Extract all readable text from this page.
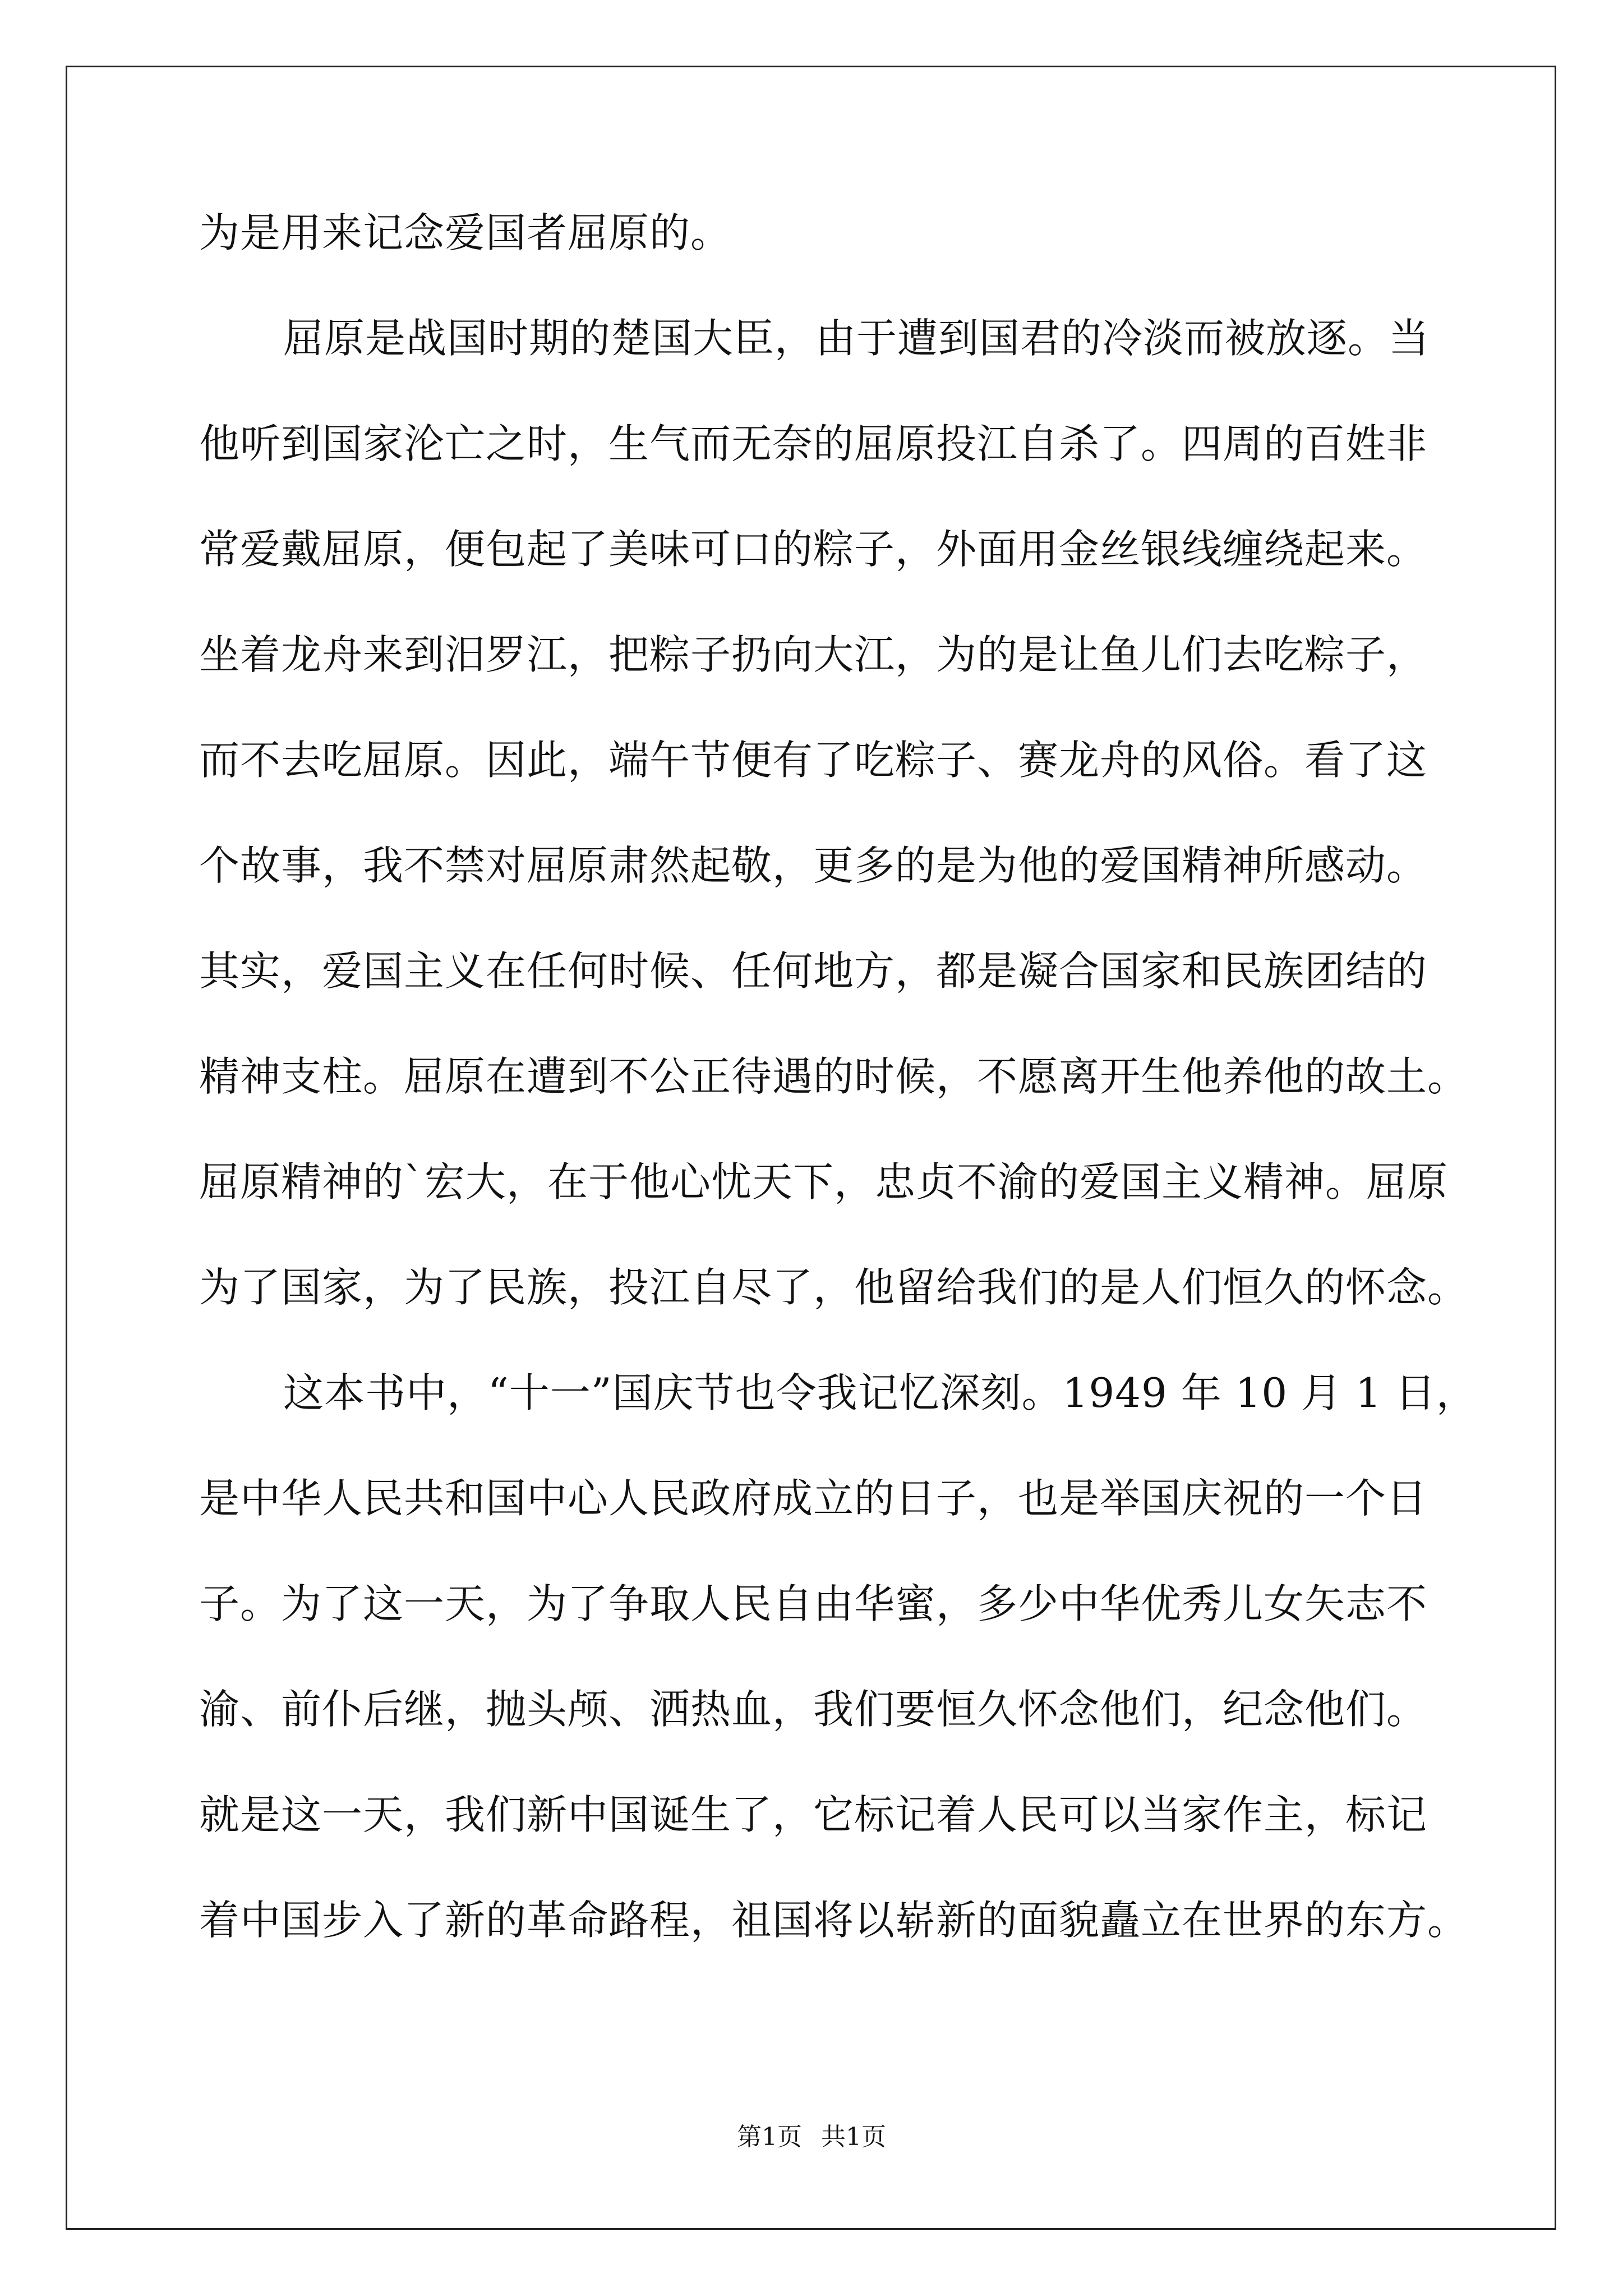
为是用来记念爱国者屈原的。
屈原是战国时期的楚国大臣，由于遭到国君的冷淡而被放逐。当
他听到国家沦亡之时，生气而无奈的屈原投江自杀了。四周的百姓非
常爱戴屈原，便包起了美味可口的粽子，外面用金丝银线缠绕起来。
坐着龙舟来到汨罗江，把粽子扔向大江，为的是让鱼儿们去吃粽子，
而不去吃屈原。因此，端午节便有了吃粽子、赛龙舟的风俗。看了这
个故事，我不禁对屈原肃然起敬，更多的是为他的爱国精神所感动。
其实，爱国主义在任何时候、任何地方，都是凝合国家和民族团结的
精神支柱。屈原在遭到不公正待遇的时候，不愿离开生他养他的故土。
屈原精神的`宏大，在于他心忧天下，忠贞不渝的爱国主义精神。屈原
为了国家，为了民族，投江自尽了，他留给我们的是人们恒久的怀念。
这本书中，“十一”国庆节也令我记忆深刻。1949 年 10 月 1 日，
是中华人民共和国中心人民政府成立的日子，也是举国庆祝的一个日
子。为了这一天，为了争取人民自由华蜜，多少中华优秀儿女矢志不
渝、前仆后继，抛头颅、洒热血，我们要恒久怀念他们，纪念他们。
就是这一天，我们新中国诞生了，它标记着人民可以当家作主，标记
着中国步入了新的革命路程，祖国将以崭新的面貌矗立在世界的东方。
第1页 共1页
